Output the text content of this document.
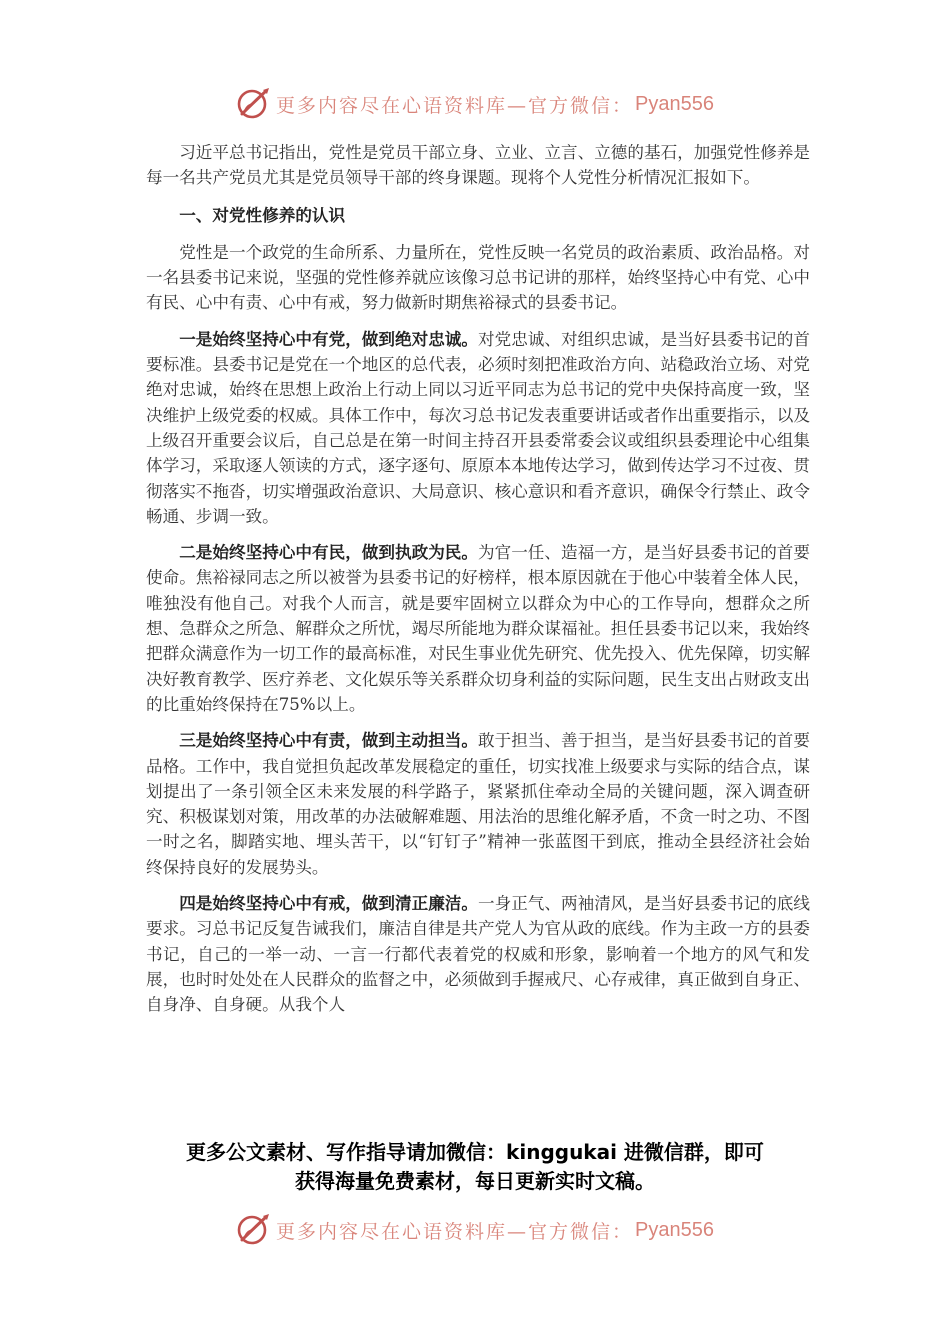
更多内容尽在心语资料库—官方微信： Pyan556

习近平总书记指出，党性是党员干部立身、立业、立言、立德的基石，加强党性修养是每一名共产党员尤其是党员领导干部的终身课题。现将个人党性分析情况汇报如下。

一、对党性修养的认识

党性是一个政党的生命所系、力量所在，党性反映一名党员的政治素质、政治品格。对一名县委书记来说，坚强的党性修养就应该像习总书记讲的那样，始终坚持心中有党、心中有民、心中有责、心中有戒，努力做新时期焦裕禄式的县委书记。

一是始终坚持心中有党，做到绝对忠诚。对党忠诚、对组织忠诚，是当好县委书记的首要标准。县委书记是党在一个地区的总代表，必须时刻把准政治方向、站稳政治立场、对党绝对忠诚，始终在思想上政治上行动上同以习近平同志为总书记的党中央保持高度一致，坚决维护上级党委的权威。具体工作中，每次习总书记发表重要讲话或者作出重要指示，以及上级召开重要会议后，自己总是在第一时间主持召开县委常委会议或组织县委理论中心组集体学习，采取逐人领读的方式，逐字逐句、原原本本地传达学习，做到传达学习不过夜、贯彻落实不拖沓，切实增强政治意识、大局意识、核心意识和看齐意识，确保令行禁止、政令畅通、步调一致。

二是始终坚持心中有民，做到执政为民。为官一任、造福一方，是当好县委书记的首要使命。焦裕禄同志之所以被誉为县委书记的好榜样，根本原因就在于他心中装着全体人民，唯独没有他自己。对我个人而言，就是要牢固树立以群众为中心的工作导向，想群众之所想、急群众之所急、解群众之所忧，竭尽所能地为群众谋福祉。担任县委书记以来，我始终把群众满意作为一切工作的最高标准，对民生事业优先研究、优先投入、优先保障，切实解决好教育教学、医疗养老、文化娱乐等关系群众切身利益的实际问题，民生支出占财政支出的比重始终保持在75%以上。

三是始终坚持心中有责，做到主动担当。敢于担当、善于担当，是当好县委书记的首要品格。工作中，我自觉担负起改革发展稳定的重任，切实找准上级要求与实际的结合点，谋划提出了一条引领全区未来发展的科学路子，紧紧抓住牵动全局的关键问题，深入调查研究、积极谋划对策，用改革的办法破解难题、用法治的思维化解矛盾，不贪一时之功、不图一时之名，脚踏实地、埋头苦干，以“钉钉子”精神一张蓝图干到底，推动全县经济社会始终保持良好的发展势头。

四是始终坚持心中有戒，做到清正廉洁。一身正气、两袖清风，是当好县委书记的底线要求。习总书记反复告诫我们，廉洁自律是共产党人为官从政的底线。作为主政一方的县委书记，自己的一举一动、一言一行都代表着党的权威和形象，影响着一个地方的风气和发展，也时时处处在人民群众的监督之中，必须做到手握戒尺、心存戒律，真正做到自身正、自身净、自身硬。从我个人

更多公文素材、写作指导请加微信：kinggukai 进微信群，即可
获得海量免费素材，每日更新实时文稿。
更多内容尽在心语资料库—官方微信： Pyan556
